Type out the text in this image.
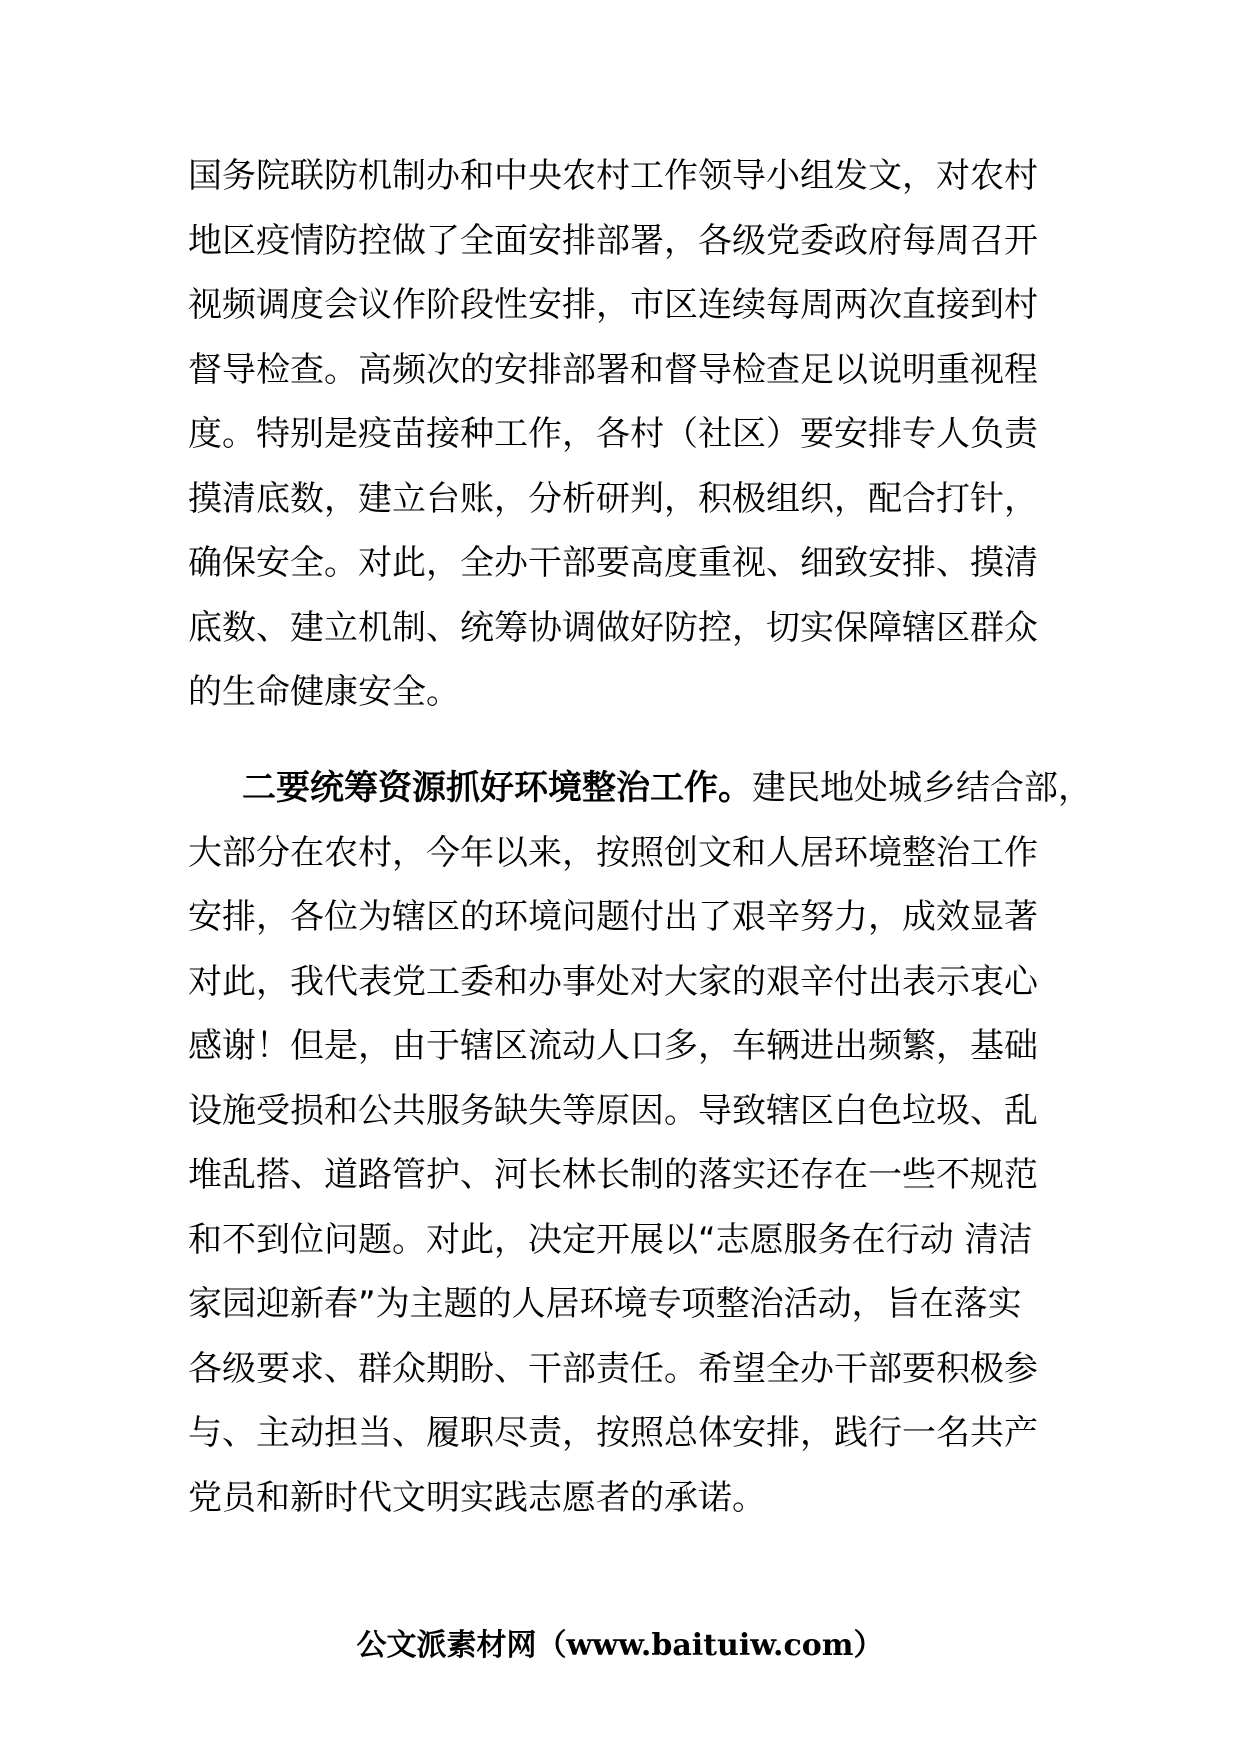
国务院联防机制办和中央农村工作领导小组发文，对农村
地区疫情防控做了全面安排部署，各级党委政府每周召开
视频调度会议作阶段性安排，市区连续每周两次直接到村
督导检查。高频次的安排部署和督导检查足以说明重视程
度。特别是疫苗接种工作，各村（社区）要安排专人负责
摸清底数，建立台账，分析研判，积极组织，配合打针，
确保安全。对此，全办干部要高度重视、细致安排、摸清
底数、建立机制、统筹协调做好防控，切实保障辖区群众
的生命健康安全。
二要统筹资源抓好环境整治工作。建民地处城乡结合部，
大部分在农村，今年以来，按照创文和人居环境整治工作
安排，各位为辖区的环境问题付出了艰辛努力，成效显著
对此，我代表党工委和办事处对大家的艰辛付出表示衷心
感谢！但是，由于辖区流动人口多，车辆进出频繁，基础
设施受损和公共服务缺失等原因。导致辖区白色垃圾、乱
堆乱搭、道路管护、河长林长制的落实还存在一些不规范
和不到位问题。对此，决定开展以“志愿服务在行动 清洁
家园迎新春”为主题的人居环境专项整治活动，旨在落实
各级要求、群众期盼、干部责任。希望全办干部要积极参
与、主动担当、履职尽责，按照总体安排，践行一名共产
党员和新时代文明实践志愿者的承诺。
公文派素材网（www.baituiw.com）
